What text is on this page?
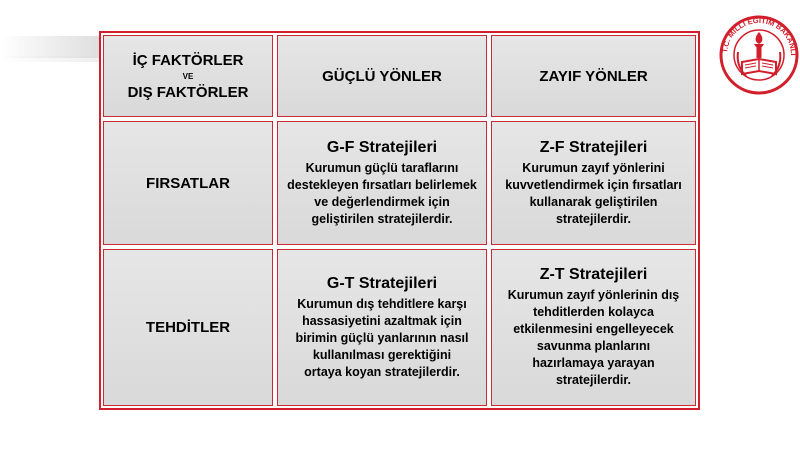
İÇ FAKTÖRLER
VE
DIŞ FAKTÖRLER
GÜÇLÜ YÖNLER	ZAYIF YÖNLER
FIRSATLAR
G-F Stratejileri
Kurumun güçlü taraflarını destekleyen fırsatları belirlemek ve değerlendirmek için geliştirilen stratejilerdir.
Z-F Stratejileri
Kurumun zayıf yönlerini kuvvetlendirmek için fırsatları kullanarak geliştirilen stratejilerdir.
TEHDİTLER
G-T Stratejileri
Kurumun dış tehditlere karşı hassasiyetini azaltmak için birimin güçlü yanlarının nasıl kullanılması gerektiğini ortaya koyan stratejilerdir.
Z-T Stratejileri
Kurumun zayıf yönlerinin dış tehditlerden kolayca etkilenmesini engelleyecek savunma planlarını hazırlamaya yarayan stratejilerdir.
T.C. MİLLİ EĞİTİM BAKANLI
